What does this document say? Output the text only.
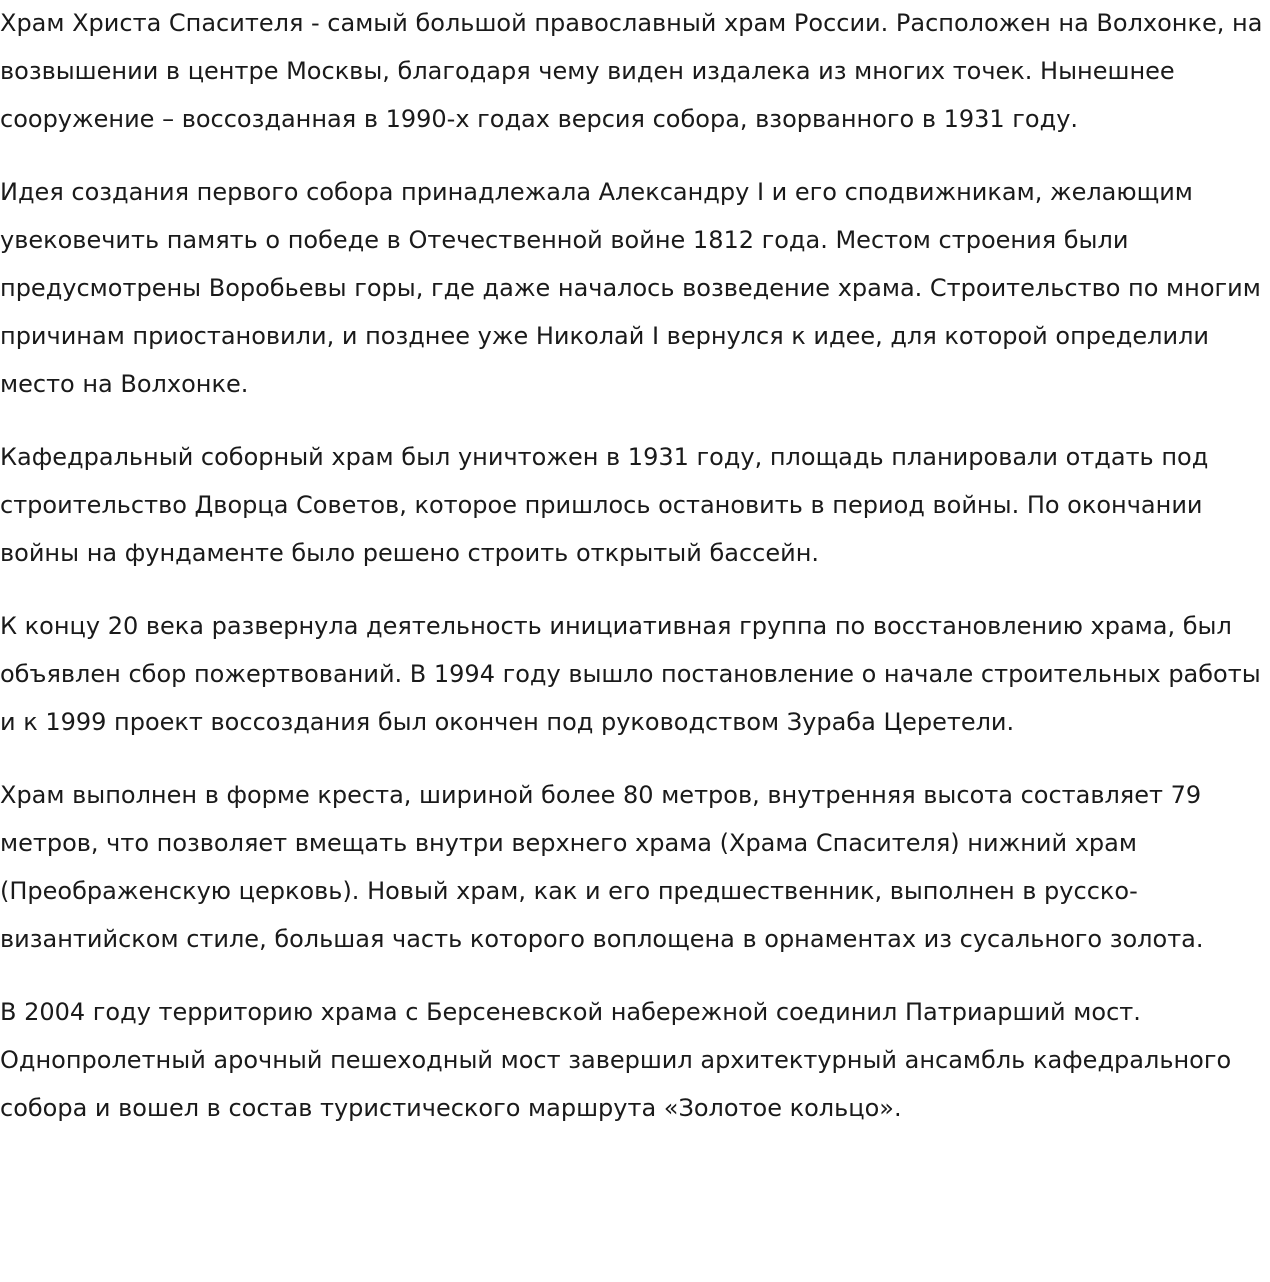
Храм Христа Спасителя - самый большой православный храм России. Расположен на Волхонке, на возвышении в центре Москвы, благодаря чему виден издалека из многих точек. Нынешнее сооружение – воссозданная в 1990-х годах версия собора, взорванного в 1931 году.

Идея создания первого собора принадлежала Александру I и его сподвижникам, желающим увековечить память о победе в Отечественной войне 1812 года. Местом строения были предусмотрены Воробьевы горы, где даже началось возведение храма. Строительство по многим причинам приостановили, и позднее уже Николай I вернулся к идее, для которой определили место на Волхонке.

Кафедральный соборный храм был уничтожен в 1931 году, площадь планировали отдать под строительство Дворца Советов, которое пришлось остановить в период войны. По окончании войны на фундаменте было решено строить открытый бассейн.

К концу 20 века развернула деятельность инициативная группа по восстановлению храма, был объявлен сбор пожертвований. В 1994 году вышло постановление о начале строительных работы и к 1999 проект воссоздания был окончен под руководством Зураба Церетели.

Храм выполнен в форме креста, шириной более 80 метров, внутренняя высота составляет 79 метров, что позволяет вмещать внутри верхнего храма (Храма Спасителя) нижний храм (Преображенскую церковь). Новый храм, как и его предшественник, выполнен в русско-византийском стиле, большая часть которого воплощена в орнаментах из сусального золота.

В 2004 году территорию храма с Берсеневской набережной соединил Патриарший мост. Однопролетный арочный пешеходный мост завершил архитектурный ансамбль кафедрального собора и вошел в состав туристического маршрута «Золотое кольцо».
